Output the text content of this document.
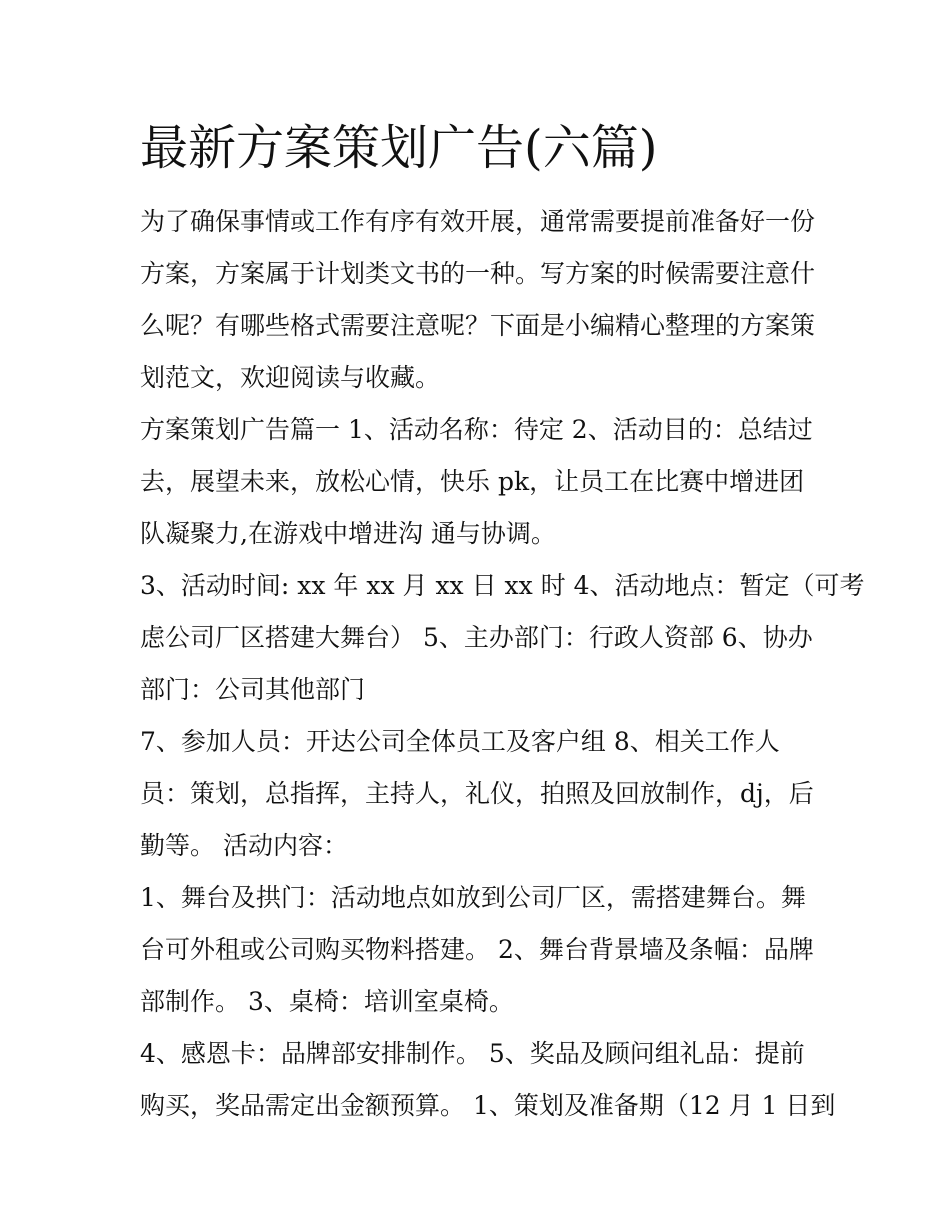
最新方案策划广告(六篇)
为了确保事情或工作有序有效开展，通常需要提前准备好一份
方案，方案属于计划类文书的一种。写方案的时候需要注意什
么呢？有哪些格式需要注意呢？下面是小编精心整理的方案策
划范文，欢迎阅读与收藏。
方案策划广告篇一 1、活动名称：待定 2、活动目的：总结过
去，展望未来，放松心情，快乐 pk，让员工在比赛中增进团
队凝聚力,在游戏中增进沟 通与协调。
3、活动时间: xx 年 xx 月 xx 日 xx 时 4、活动地点：暂定（可考
虑公司厂区搭建大舞台） 5、主办部门：行政人资部 6、协办
部门：公司其他部门
7、参加人员：开达公司全体员工及客户组 8、相关工作人
员：策划，总指挥，主持人，礼仪，拍照及回放制作，dj，后
勤等。 活动内容：
1、舞台及拱门：活动地点如放到公司厂区，需搭建舞台。舞
台可外租或公司购买物料搭建。 2、舞台背景墙及条幅：品牌
部制作。 3、桌椅：培训室桌椅。
4、感恩卡：品牌部安排制作。 5、奖品及顾问组礼品：提前
购买，奖品需定出金额预算。 1、策划及准备期（12 月 1 日到
